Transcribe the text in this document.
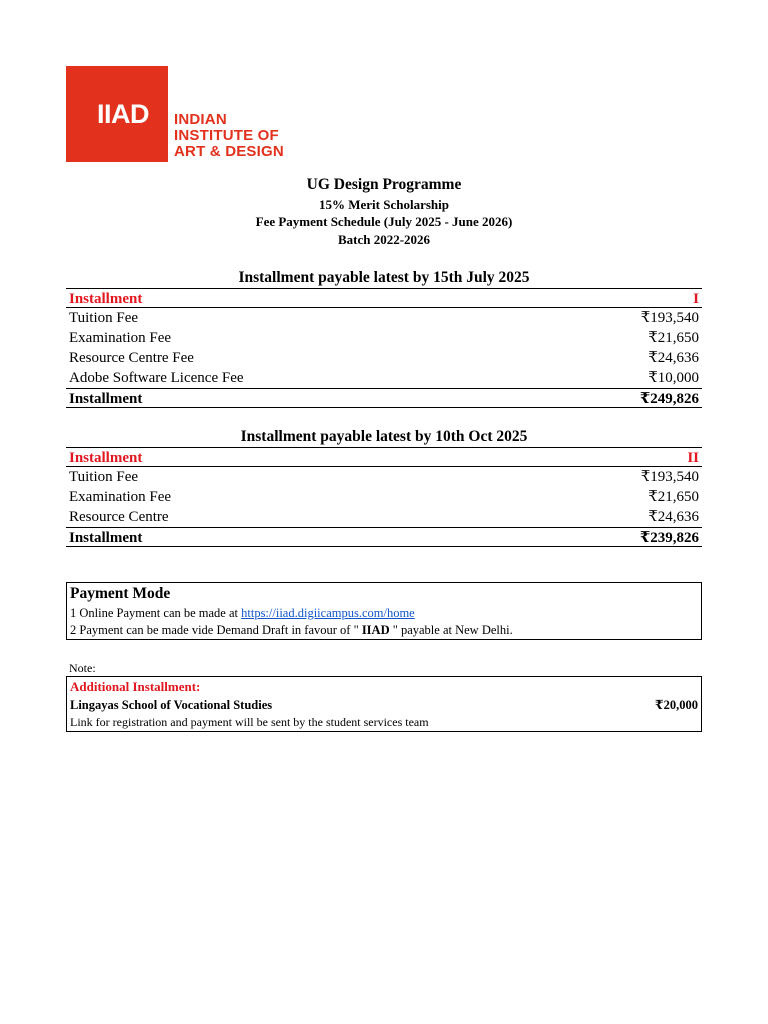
IIAD INDIAN
INSTITUTE OF
ART & DESIGN
UG Design Programme
15% Merit Scholarship
Fee Payment Schedule (July 2025 - June 2026)
Batch 2022-2026
Installment payable latest by 15th July 2025
Installment	I
Tuition Fee	₹193,540
Examination Fee	₹21,650
Resource Centre Fee	₹24,636
Adobe Software Licence Fee	₹10,000
Installment	₹249,826
Installment payable latest by 10th Oct 2025
Installment	II
Tuition Fee	₹193,540
Examination Fee	₹21,650
Resource Centre	₹24,636
Installment	₹239,826
Payment Mode
1 Online Payment can be made at https://iiad.digiicampus.com/home
2 Payment can be made vide Demand Draft in favour of " IIAD " payable at New Delhi.
Note:
Additional Installment:
Lingayas School of Vocational Studies	₹20,000
Link for registration and payment will be sent by the student services team
